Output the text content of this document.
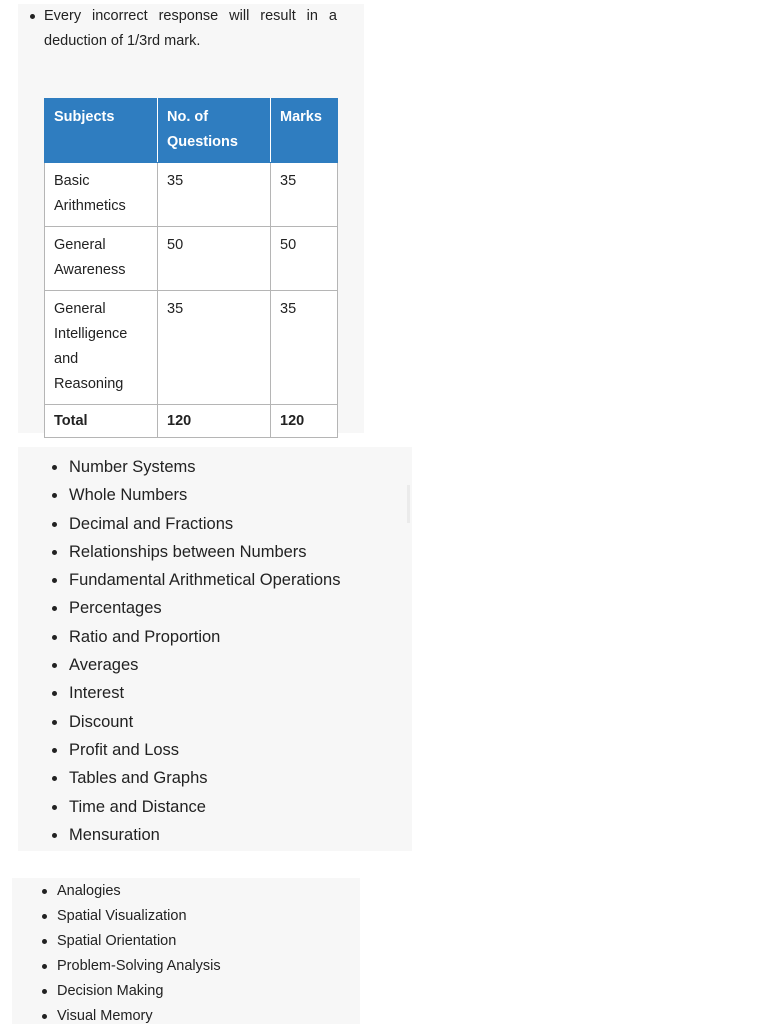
Every incorrect response will result in a deduction of 1/3rd mark.
Subjects	No. of Questions	Marks
Basic Arithmetics	35	35
General Awareness	50	50
General Intelligence and Reasoning	35	35
Total	120	120
Number Systems
Whole Numbers
Decimal and Fractions
Relationships between Numbers
Fundamental Arithmetical Operations
Percentages
Ratio and Proportion
Averages
Interest
Discount
Profit and Loss
Tables and Graphs
Time and Distance
Mensuration
Analogies
Spatial Visualization
Spatial Orientation
Problem-Solving Analysis
Decision Making
Visual Memory
